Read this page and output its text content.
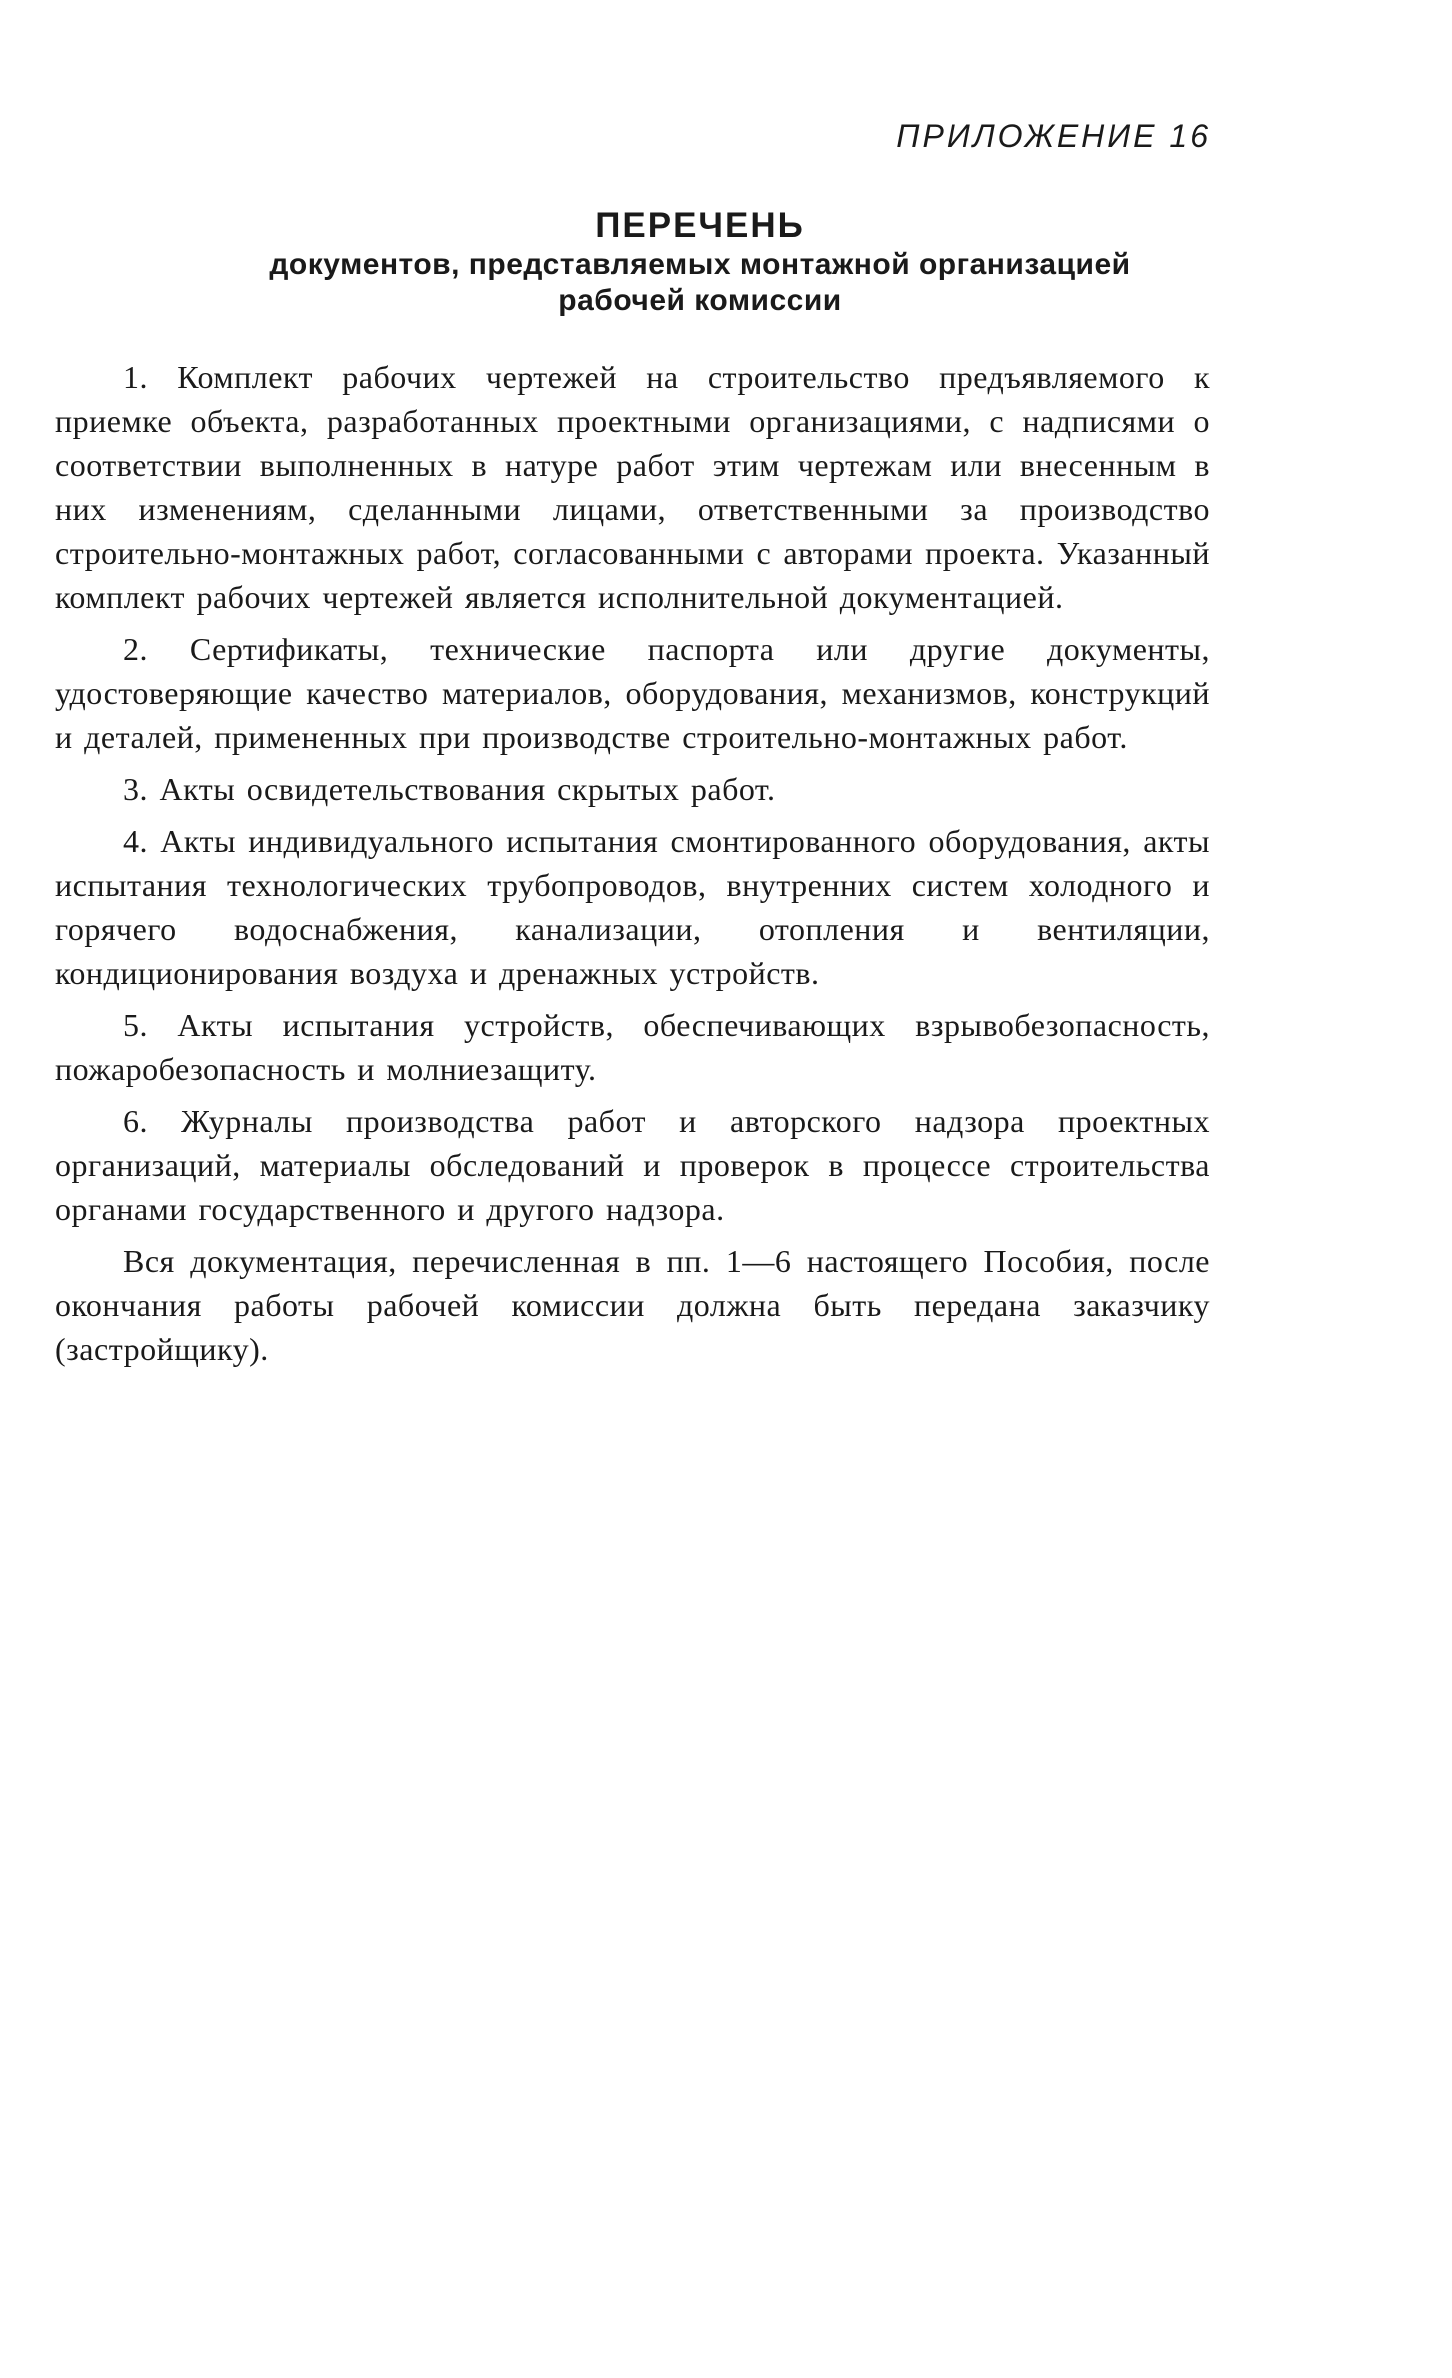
ПРИЛОЖЕНИЕ 16

ПЕРЕЧЕНЬ

документов, представляемых монтажной организацией

рабочей комиссии

1. Комплект рабочих чертежей на строительство предъявляемого к приемке объекта, разработанных проектными организациями, с надписями о соответствии выполненных в натуре работ этим чертежам или внесенным в них изменениям, сделанными лицами, ответственными за производство строительно-монтажных работ, согласованными с авторами проекта. Указанный комплект рабочих чертежей является исполнительной документацией.

2. Сертификаты, технические паспорта или другие документы, удостоверяющие качество материалов, оборудования, механизмов, конструкций и деталей, примененных при производстве строительно-монтажных работ.

3. Акты освидетельствования скрытых работ.

4. Акты индивидуального испытания смонтированного оборудования, акты испытания технологических трубопроводов, внутренних систем холодного и горячего водоснабжения, канализации, отопления и вентиляции, кондиционирования воздуха и дренажных устройств.

5. Акты испытания устройств, обеспечивающих взрывобезопасность, пожаробезопасность и молниезащиту.

6. Журналы производства работ и авторского надзора проектных организаций, материалы обследований и проверок в процессе строительства органами государственного и другого надзора.

Вся документация, перечисленная в пп. 1—6 настоящего Пособия, после окончания работы рабочей комиссии должна быть передана заказчику (застройщику).
